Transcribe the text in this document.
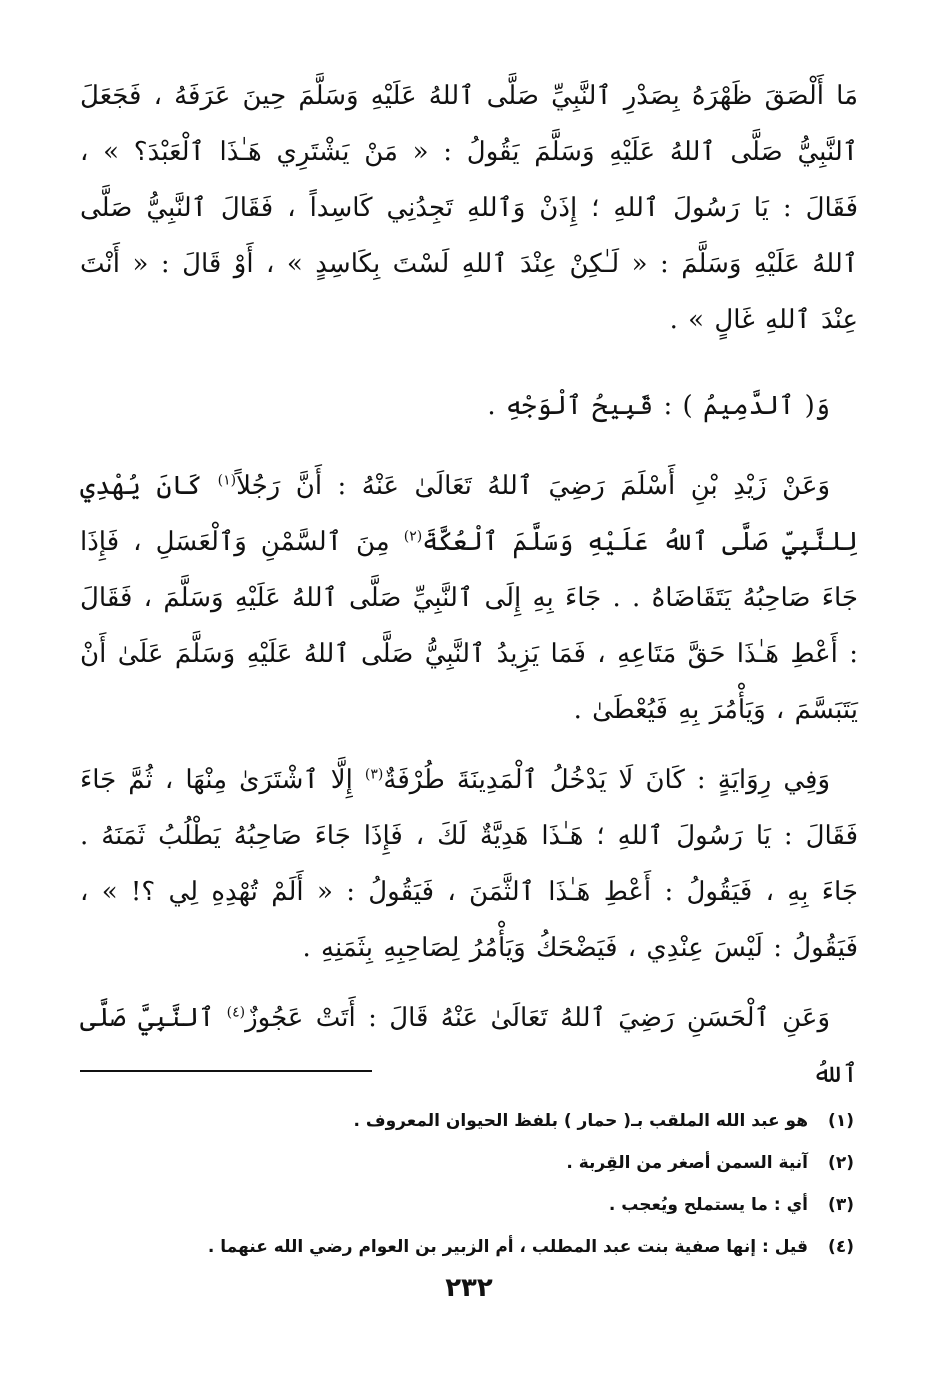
مَا أَلْصَقَ ظَهْرَهُ بِصَدْرِ ٱلنَّبِيِّ صَلَّى ٱللهُ عَلَيْهِ وَسَلَّمَ حِينَ عَرَفَهُ ، فَجَعَلَ ٱلنَّبِيُّ صَلَّى ٱللهُ عَلَيْهِ وَسَلَّمَ يَقُولُ : « مَنْ يَشْتَرِي هَـٰذَا ٱلْعَبْدَ؟ » ، فَقَالَ : يَا رَسُولَ ٱللهِ ؛ إِذَنْ وَٱللهِ تَجِدُنِي كَاسِداً ، فَقَالَ ٱلنَّبِيُّ صَلَّى ٱللهُ عَلَيْهِ وَسَلَّمَ : « لَـٰكِنْ عِنْدَ ٱللهِ لَسْتَ بِكَاسِدٍ » ، أَوْ قَالَ : « أَنْتَ عِنْدَ ٱللهِ غَالٍ » .

وَ( ٱلدَّمِيمُ ) : قَبِيحُ ٱلْوَجْهِ .

وَعَنْ زَيْدِ بْنِ أَسْلَمَ رَضِيَ ٱللهُ تَعَالَىٰ عَنْهُ : أَنَّ رَجُلاً$^{(١)}$ كَانَ يُهْدِي لِلنَّبِيِّ صَلَّى ٱللهُ عَلَيْهِ وَسَلَّمَ ٱلْعُكَّةَ$^{(٢)}$ مِنَ ٱلسَّمْنِ وَٱلْعَسَلِ ، فَإِذَا جَاءَ صَاحِبُهُ يَتَقَاضَاهُ . . جَاءَ بِهِ إِلَى ٱلنَّبِيِّ صَلَّى ٱللهُ عَلَيْهِ وَسَلَّمَ ، فَقَالَ : أَعْطِ هَـٰذَا حَقَّ مَتَاعِهِ ، فَمَا يَزِيدُ ٱلنَّبِيُّ صَلَّى ٱللهُ عَلَيْهِ وَسَلَّمَ عَلَىٰ أَنْ يَتَبَسَّمَ ، وَيَأْمُرَ بِهِ فَيُعْطَىٰ .

وَفِي رِوَايَةٍ : كَانَ لَا يَدْخُلُ ٱلْمَدِينَةَ طُرْفَةٌ$^{(٣)}$ إِلَّا ٱشْتَرَىٰ مِنْهَا ، ثُمَّ جَاءَ فَقَالَ : يَا رَسُولَ ٱللهِ ؛ هَـٰذَا هَدِيَّةٌ لَكَ ، فَإِذَا جَاءَ صَاحِبُهُ يَطْلُبُ ثَمَنَهُ . جَاءَ بِهِ ، فَيَقُولُ : أَعْطِ هَـٰذَا ٱلثَّمَنَ ، فَيَقُولُ : « أَلَمْ تُهْدِهِ لِي ؟! » ، فَيَقُولُ : لَيْسَ عِنْدِي ، فَيَضْحَكُ وَيَأْمُرُ لِصَاحِبِهِ بِثَمَنِهِ .

وَعَنِ ٱلْحَسَنِ رَضِيَ ٱللهُ تَعَالَىٰ عَنْهُ قَالَ : أَتَتْ عَجُوزٌ$^{(٤)}$ ٱلنَّبِيَّ صَلَّى ٱللهُ

(١)
هو عبد الله الملقب بـ( حمار ) بلفظ الحيوان المعروف .
(٢)
آنية السمن أصغر من القِربة .
(٣)
أي : ما يستملح ويُعجب .
(٤)
قيل : إنها صفية بنت عبد المطلب ، أم الزبير بن العوام رضي الله عنهما .
٢٣٢
